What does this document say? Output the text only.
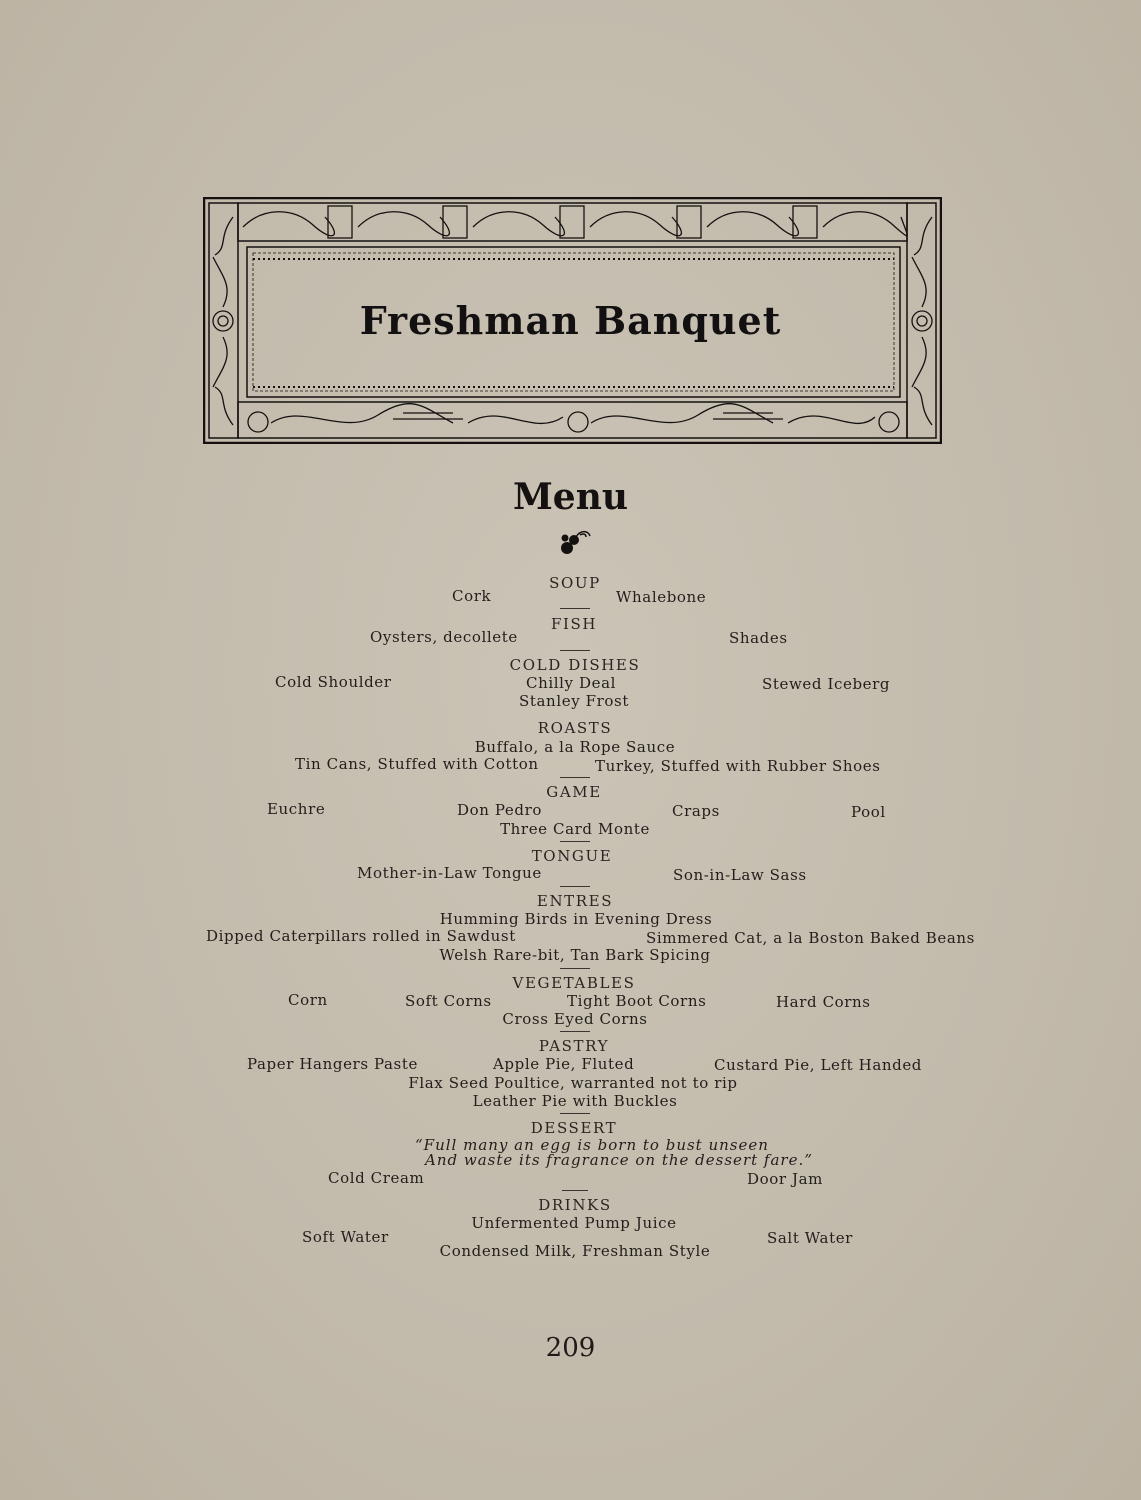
Freshman Banquet
Menu
SOUP
Cork	Whalebone
FISH
Oysters, decollete	Shades
COLD DISHES
Cold Shoulder	Chilly Deal	Stewed Iceberg
Stanley Frost
ROASTS
Buffalo, a la Rope Sauce
Tin Cans, Stuffed with Cotton	Turkey, Stuffed with Rubber Shoes
GAME
Euchre	Don Pedro	Craps	Pool
Three Card Monte
TONGUE
Mother-in-Law Tongue	Son-in-Law Sass
ENTRES
Humming Birds in Evening Dress
Dipped Caterpillars rolled in Sawdust	Simmered Cat, a la Boston Baked Beans
Welsh Rare-bit, Tan Bark Spicing
VEGETABLES
Corn	Soft Corns	Tight Boot Corns	Hard Corns
Cross Eyed Corns
PASTRY
Paper Hangers Paste	Apple Pie, Fluted	Custard Pie, Left Handed
Flax Seed Poultice, warranted not to rip
Leather Pie with Buckles
DESSERT
“Full many an egg is born to bust unseen
And waste its fragrance on the dessert fare.”
Cold Cream	Door Jam
DRINKS
Unfermented Pump Juice
Soft Water	Salt Water
Condensed Milk, Freshman Style
209
